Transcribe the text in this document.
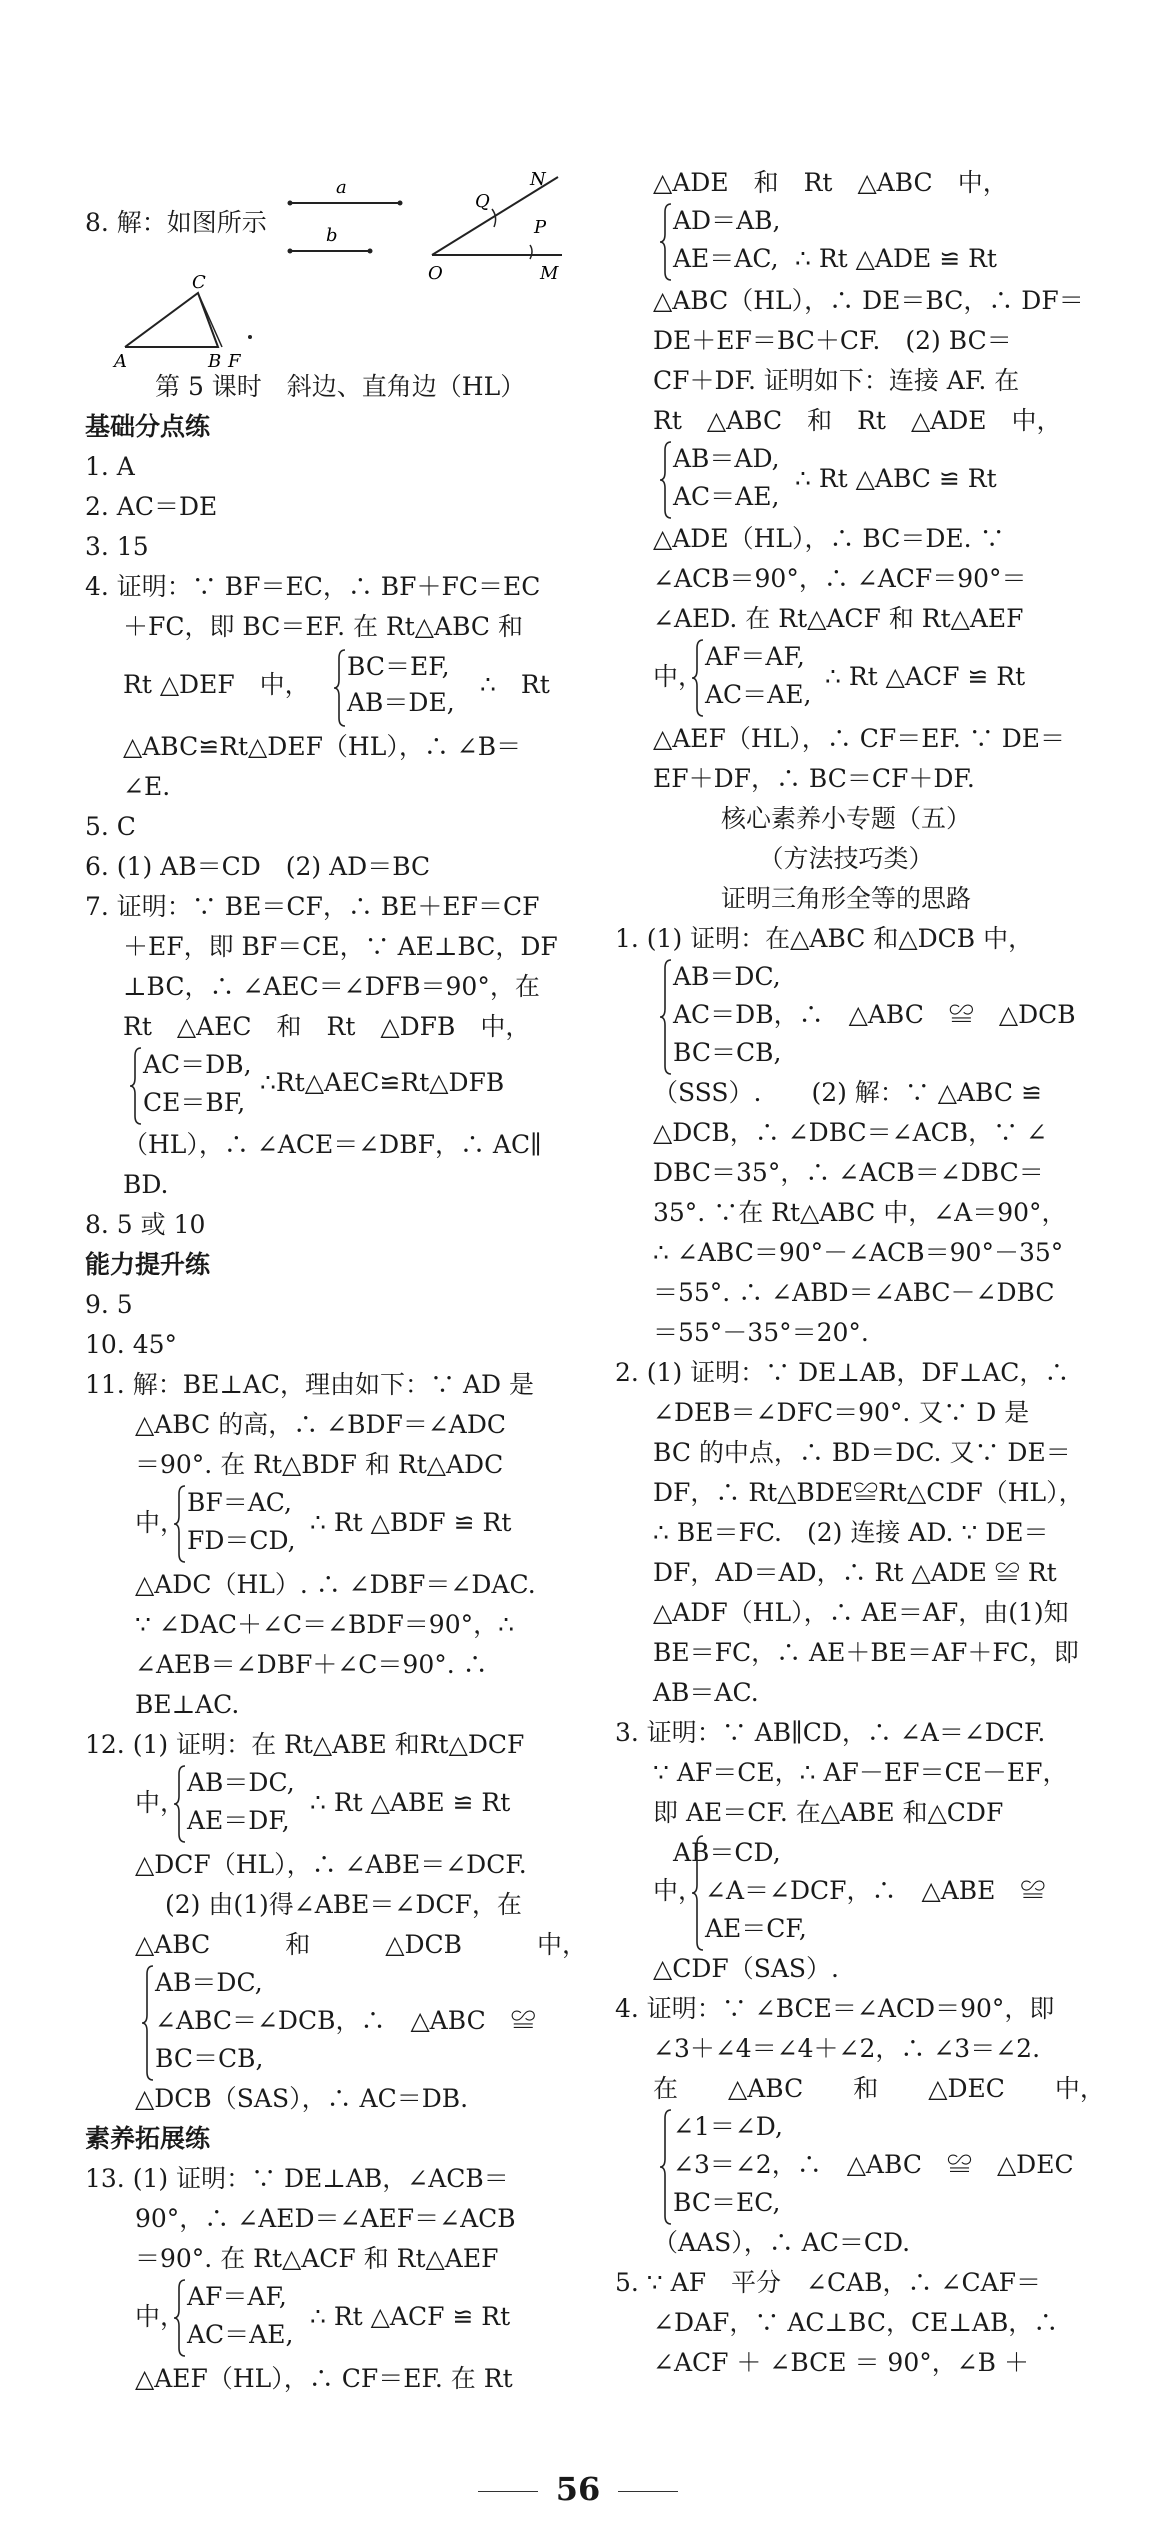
8. 解：如图所示
第 5 课时　斜边、直角边（HL）
基础分点练
1. A
2. AC＝DE
3. 15
4. 证明：∵ BF＝EC，∴ BF＋FC＝EC
＋FC，即 BC＝EF. 在 Rt△ABC 和
Rt △DEF　中，
BC＝EF,
AB＝DE,
∴　Rt
△ABC≌Rt△DEF（HL），∴ ∠B＝
∠E.
5. C
6. (1) AB＝CD　(2) AD＝BC
7. 证明：∵ BE＝CF，∴ BE＋EF＝CF
＋EF，即 BF＝CE，∵ AE⊥BC，DF
⊥BC，∴ ∠AEC＝∠DFB＝90°，在
Rt　△AEC　和　Rt　△DFB　中，
AC＝DB,
CE＝BF,
∴Rt△AEC≌Rt△DFB
（HL），∴ ∠ACE＝∠DBF，∴ AC∥
BD.
8. 5 或 10
能力提升练
9. 5
10. 45°
11. 解：BE⊥AC，理由如下：∵ AD 是
△ABC 的高，∴ ∠BDF＝∠ADC
＝90°. 在 Rt△BDF 和 Rt△ADC
中，
BF＝AC,
FD＝CD,
∴ Rt △BDF ≌ Rt
△ADC（HL）. ∴ ∠DBF＝∠DAC.
∵ ∠DAC＋∠C＝∠BDF＝90°，∴
∠AEB＝∠DBF＋∠C＝90°. ∴
BE⊥AC.
12. (1) 证明：在 Rt△ABE 和Rt△DCF
中，
AB＝DC,
AE＝DF,
∴ Rt △ABE ≌ Rt
△DCF（HL），∴ ∠ABE＝∠DCF.
(2) 由(1)得∠ABE＝∠DCF，在
△ABC　　　和　　　△DCB　　　中，
AB＝DC,
∠ABC＝∠DCB，∴　△ABC　≌
BC＝CB,
△DCB（SAS），∴ AC＝DB.
素养拓展练
13. (1) 证明：∵ DE⊥AB，∠ACB＝
90°，∴ ∠AED＝∠AEF＝∠ACB
＝90°. 在 Rt△ACF 和 Rt△AEF
中，
AF＝AF,
AC＝AE,
∴ Rt △ACF ≌ Rt
△AEF（HL），∴ CF＝EF. 在 Rt
△ADE　和　Rt　△ABC　中，
AD＝AB,
AE＝AC, ∴ Rt △ADE ≌ Rt
△ABC（HL），∴ DE＝BC，∴ DF＝
DE＋EF＝BC＋CF.　(2) BC＝
CF＋DF. 证明如下：连接 AF. 在
Rt　△ABC　和　Rt　△ADE　中，
AB＝AD,
AC＝AE,
∴ Rt △ABC ≌ Rt
△ADE（HL），∴ BC＝DE. ∵
∠ACB＝90°，∴ ∠ACF＝90°＝
∠AED. 在 Rt△ACF 和 Rt△AEF
中，
AF＝AF,
AC＝AE,
∴ Rt △ACF ≌ Rt
△AEF（HL），∴ CF＝EF. ∵ DE＝
EF＋DF，∴ BC＝CF＋DF.
核心素养小专题（五）
（方法技巧类）
证明三角形全等的思路
1. (1) 证明：在△ABC 和△DCB 中，
AB＝DC,
AC＝DB，∴　△ABC　≌　△DCB
BC＝CB,
（SSS）.　　(2) 解：∵ △ABC ≌
△DCB，∴ ∠DBC＝∠ACB，∵ ∠
DBC＝35°，∴ ∠ACB＝∠DBC＝
35°. ∵在 Rt△ABC 中，∠A＝90°，
∴ ∠ABC＝90°－∠ACB＝90°－35°
＝55°. ∴ ∠ABD＝∠ABC－∠DBC
＝55°－35°＝20°.
2. (1) 证明：∵ DE⊥AB，DF⊥AC，∴
∠DEB＝∠DFC＝90°. 又∵ D 是
BC 的中点，∴ BD＝DC. 又∵ DE＝
DF，∴ Rt△BDE≌Rt△CDF（HL），
∴ BE＝FC.　(2) 连接 AD. ∵ DE＝
DF，AD＝AD，∴ Rt △ADE ≌ Rt
△ADF（HL），∴ AE＝AF，由(1)知
BE＝FC，∴ AE＋BE＝AF＋FC，即
AB＝AC.
3. 证明：∵ AB∥CD，∴ ∠A＝∠DCF.
∵ AF＝CE，∴ AF－EF＝CE－EF，
即 AE＝CF. 在△ABE 和△CDF
AB＝CD,
中， ∠A＝∠DCF，∴　△ABE　≌
AE＝CF,
△CDF（SAS）.
4. 证明：∵ ∠BCE＝∠ACD＝90°，即
∠3＋∠4＝∠4＋∠2，∴ ∠3＝∠2.
在　　△ABC　　和　　△DEC　　中，
∠1＝∠D,
∠3＝∠2，∴　△ABC　≌　△DEC
BC＝EC,
（AAS），∴ AC＝CD.
5. ∵ AF　平分　∠CAB，∴ ∠CAF＝
∠DAF，∵ AC⊥BC，CE⊥AB，∴
∠ACF ＋ ∠BCE ＝ 90°，∠B ＋
a
b
N
Q
P
O	M
C
A	B F
56
